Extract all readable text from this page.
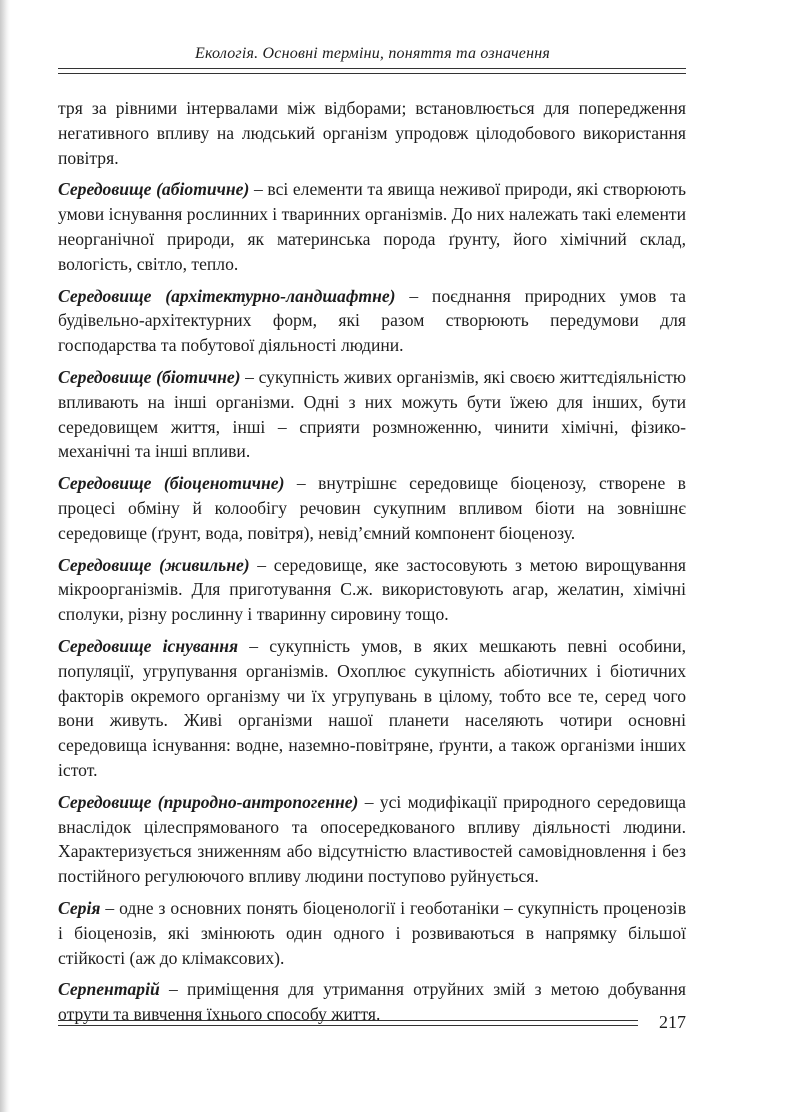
Екологія. Основні терміни, поняття та означення

тря за рівними інтервалами між відборами; встановлюється для попередження негативного впливу на людський організм упродовж цілодобового використання повітря.

Середовище (абіотичне) – всі елементи та явища неживої природи, які створюють умови існування рослинних і тваринних організмів. До них належать такі елементи неорганічної природи, як материнська порода ґрунту, його хімічний склад, вологість, світло, тепло.

Середовище (архітектурно-ландшафтне) – поєднання природних умов та будівельно-архітектурних форм, які разом створюють передумови для господарства та побутової діяльності людини.

Середовище (біотичне) – сукупність живих організмів, які своєю життєдіяльністю впливають на інші організми. Одні з них можуть бути їжею для інших, бути середовищем життя, інші – сприяти розмноженню, чинити хімічні, фізико-механічні та інші впливи.

Середовище (біоценотичне) – внутрішнє середовище біоценозу, створене в процесі обміну й колообігу речовин сукупним впливом біоти на зовнішнє середовище (ґрунт, вода, повітря), невід’ємний компонент біоценозу.

Середовище (живильне) – середовище, яке застосовують з метою вирощування мікроорганізмів. Для приготування С.ж. використовують агар, желатин, хімічні сполуки, різну рослинну і тваринну сировину тощо.

Середовище існування – сукупність умов, в яких мешкають певні особини, популяції, угрупування організмів. Охоплює сукупність абіотичних і біотичних факторів окремого організму чи їх угрупувань в цілому, тобто все те, серед чого вони живуть. Живі організми нашої планети населяють чотири основні середовища існування: водне, наземно-повітряне, ґрунти, а також організми інших істот.

Середовище (природно-антропогенне) – усі модифікації природного середовища внаслідок цілеспрямованого та опосередкованого впливу діяльності людини. Характеризується зниженням або відсутністю властивостей самовідновлення і без постійного регулюючого впливу людини поступово руйнується.

Серія – одне з основних понять біоценології і геоботаніки – сукупність проценозів і біоценозів, які змінюють один одного і розвиваються в напрямку більшої стійкості (аж до клімаксових).

Серпентарій – приміщення для утримання отруйних змій з метою добування отрути та вивчення їхнього способу життя.	217
